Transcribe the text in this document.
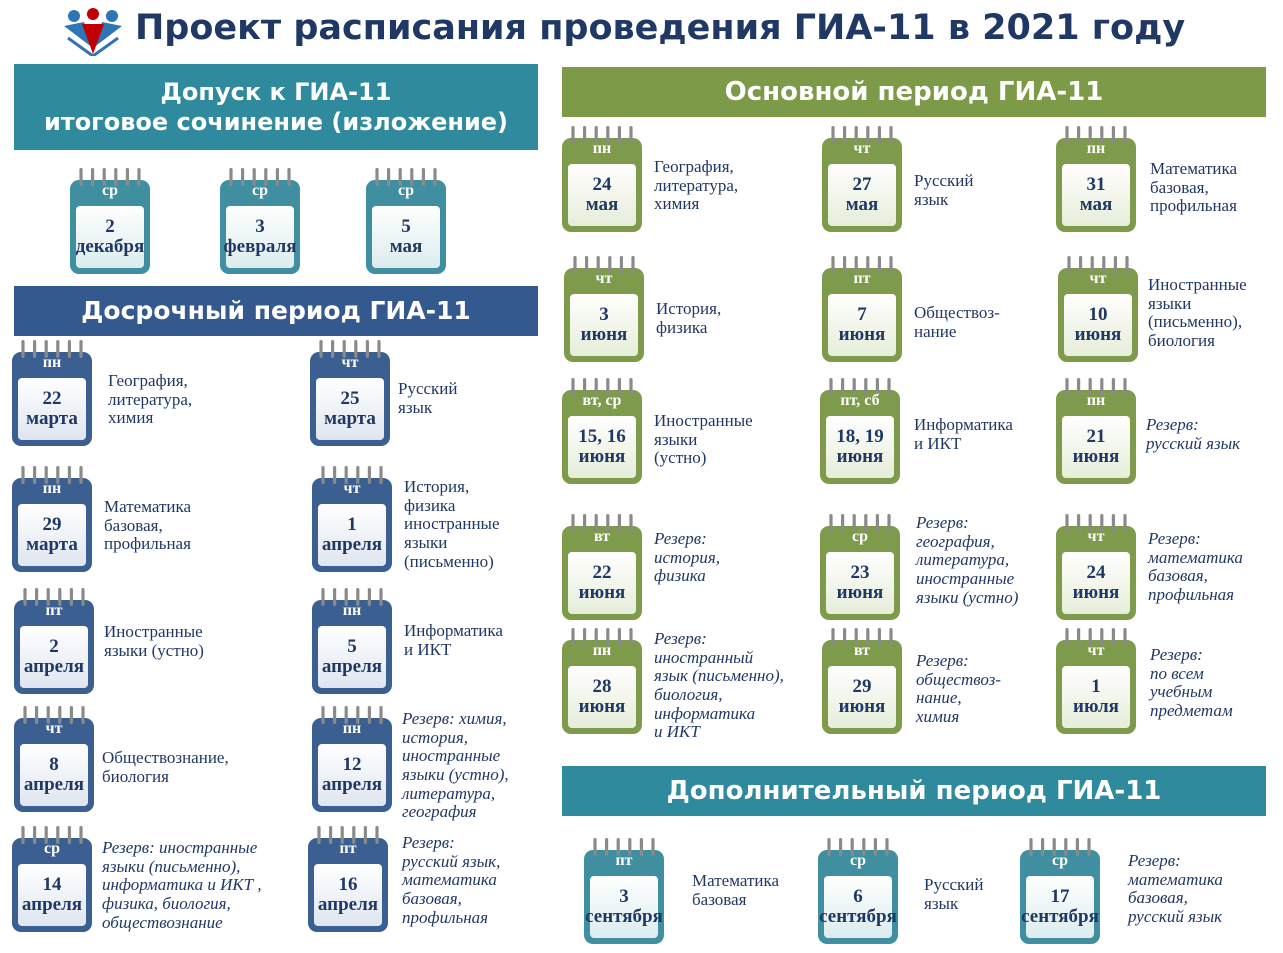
Проект расписания проведения ГИА-11 в 2021 году
Допуск к ГИА-11
итоговое сочинение (изложение)
Досрочный период ГИА-11
Основной период ГИА-11
Дополнительный период ГИА-11
ср
2
декабря
ср
3
февраля
ср
5
мая
пн
22
марта
География,
литература,
химия
чт
25
марта
Русский
язык
пн
29
марта
Математика
базовая,
профильная
чт
1
апреля
История,
физика
иностранные
языки
(письменно)
пт
2
апреля
Иностранные
языки (устно)
пн
5
апреля
Информатика
и ИКТ
чт
8
апреля
Обществознание,
биология
пн
12
апреля
Резерв: химия,
история,
иностранные
языки (устно),
литература,
география
ср
14
апреля
Резерв: иностранные
языки (письменно),
информатика и ИКТ ,
физика, биология,
обществознание
пт
16
апреля
Резерв:
русский язык,
математика
базовая,
профильная
пн
24
мая
География,
литература,
химия
чт
27
мая
Русский
язык
пн
31
мая
Математика
базовая,
профильная
чт
3
июня
История,
физика
пт
7
июня
Обществоз-
нание
чт
10
июня
Иностранные
языки
(письменно),
биология
вт, ср
15, 16
июня
Иностранные
языки
(устно)
пт, сб
18, 19
июня
Информатика
и ИКТ
пн
21
июня
Резерв:
русский язык
вт
22
июня
Резерв:
история,
физика
ср
23
июня
Резерв:
география,
литература,
иностранные
языки (устно)
чт
24
июня
Резерв:
математика
базовая,
профильная
пн
28
июня
Резерв:
иностранный
язык (письменно),
биология,
информатика
и ИКТ
вт
29
июня
Резерв:
обществоз-
нание,
химия
чт
1
июля
Резерв:
по всем
учебным
предметам
пт
3
сентября
Математика
базовая
ср
6
сентября
Русский
язык
ср
17
сентября
Резерв:
математика
базовая,
русский язык
